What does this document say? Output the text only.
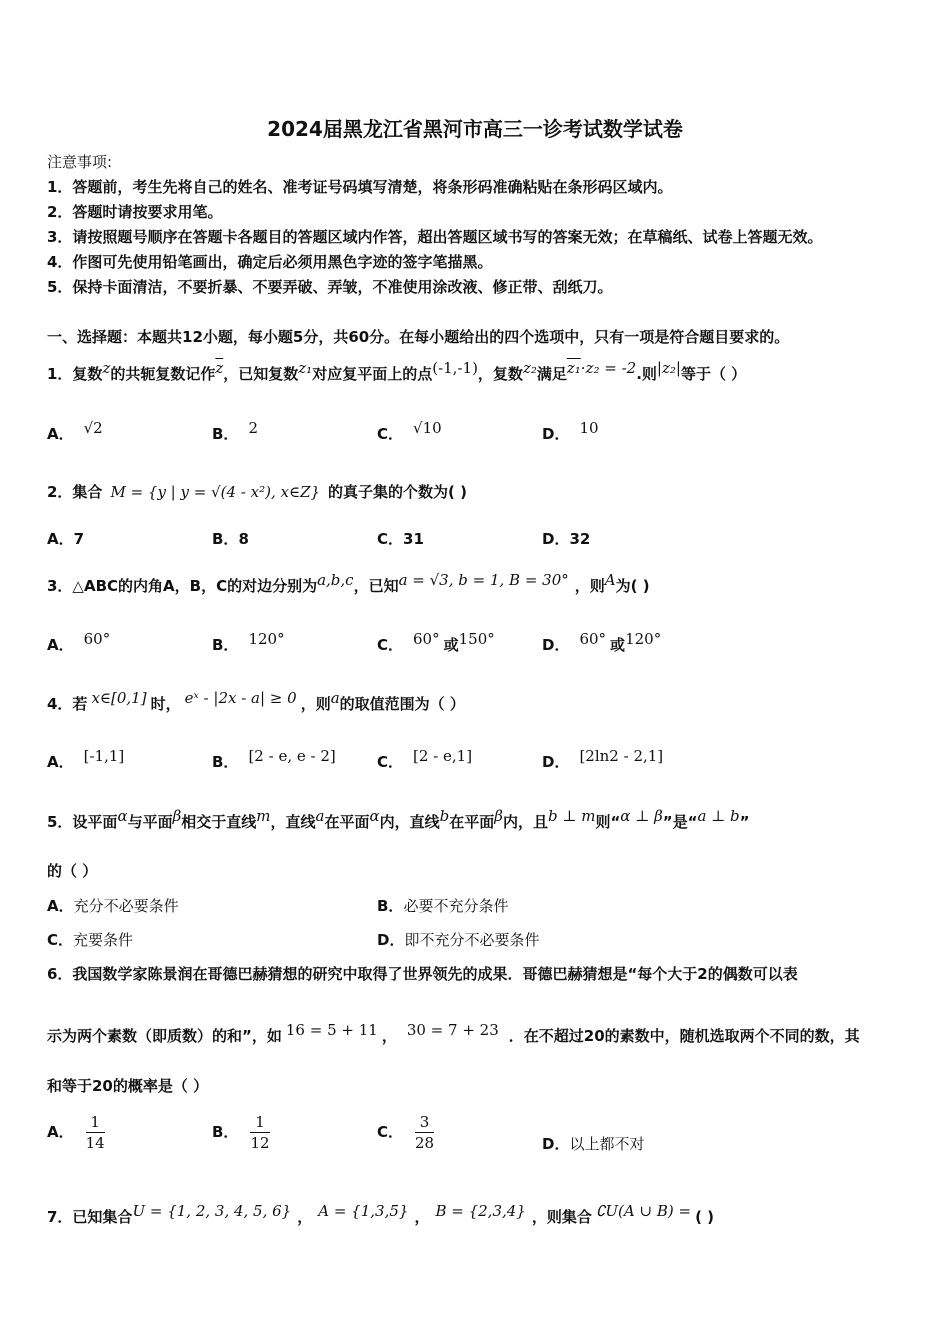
2024届黑龙江省黑河市高三一诊考试数学试卷
注意事项:
1．答题前，考生先将自己的姓名、准考证号码填写清楚，将条形码准确粘贴在条形码区域内。
2．答题时请按要求用笔。
3．请按照题号顺序在答题卡各题目的答题区域内作答，超出答题区域书写的答案无效；在草稿纸、试卷上答题无效。
4．作图可先使用铅笔画出，确定后必须用黑色字迹的签字笔描黑。
5．保持卡面清洁，不要折暴、不要弄破、弄皱，不准使用涂改液、修正带、刮纸刀。
一、选择题：本题共12小题，每小题5分，共60分。在每小题给出的四个选项中，只有一项是符合题目要求的。
1．复数z的共轭复数记作$\overline{z}$，已知复数z₁对应复平面上的点(-1,-1)，复数z₂满足z₁·z₂ = -2.则|z₂|等于（ ）
A． √2	B． 2	C． √10	D． 10
2．集合 M = {y | y = √(4 - x²), x∈Z} 的真子集的个数为( )
A．7	B．8	C．31	D．32
3．△ABC的内角A，B，C的对边分别为a,b,c，已知a = √3, b = 1, B = 30° ，则A为( )
A． 60°	B． 120°	C． 60° 或150°	D． 60° 或120°
4．若 x∈[0,1] 时， eˣ - |2x - a| ≥ 0 ，则a的取值范围为（ ）
A． [-1,1]	B． [2 - e, e - 2]	C． [2 - e,1]	D． [2ln2 - 2,1]
5．设平面α与平面β相交于直线m，直线a在平面α内，直线b在平面β内，且b ⊥ m则“α ⊥ β”是“a ⊥ b”
的（ ）
A．充分不必要条件	B．必要不充分条件
C．充要条件	D．即不充分不必要条件
6．我国数学家陈景润在哥德巴赫猜想的研究中取得了世界领先的成果．哥德巴赫猜想是“每个大于2的偶数可以表
示为两个素数（即质数）的和”，如 16 = 5 + 11 ， 30 = 7 + 23 ．在不超过20的素数中，随机选取两个不同的数，其
和等于20的概率是（ ）
A． $\frac{1}{14}$	B． $\frac{1}{12}$	C． $\frac{3}{28}$	D．以上都不对
7．已知集合U = {1, 2, 3, 4, 5, 6} ， A = {1,3,5} ， B = {2,3,4} ，则集合 ∁U(A ∪ B) = ( )
